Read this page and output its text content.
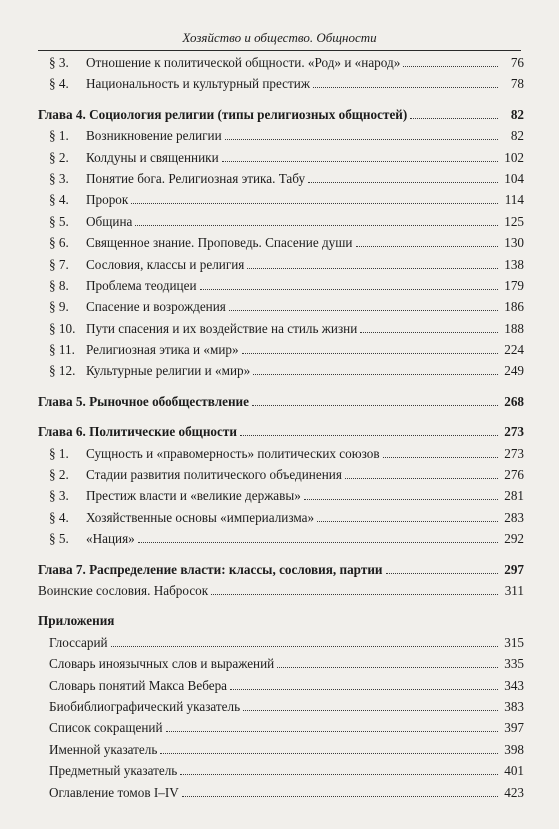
Хозяйство и общество. Общности
§ 3.	Отношение к политической общности. «Род» и «народ»	76
§ 4.	Национальность и культурный престиж	78
Глава 4. Социология религии (типы религиозных общностей)	82
§ 1.	Возникновение религии	82
§ 2.	Колдуны и священники	102
§ 3.	Понятие бога. Религиозная этика. Табу	104
§ 4.	Пророк	114
§ 5.	Община	125
§ 6.	Священное знание. Проповедь. Спасение души	130
§ 7.	Сословия, классы и религия	138
§ 8.	Проблема теодицеи	179
§ 9.	Спасение и возрождения	186
§ 10. Пути спасения и их воздействие на стиль жизни	188
§ 11. Религиозная этика и «мир»	224
§ 12. Культурные религии и «мир»	249
Глава 5. Рыночное обобществление	268
Глава 6. Политические общности	273
§ 1.	Сущность и «правомерность» политических союзов	273
§ 2.	Стадии развития политического объединения	276
§ 3.	Престиж власти и «великие державы»	281
§ 4.	Хозяйственные основы «империализма»	283
§ 5.	«Нация»	292
Глава 7. Распределение власти: классы, сословия, партии	297
Воинские сословия. Набросок	311
Приложения
Глоссарий	315
Словарь иноязычных слов и выражений	335
Словарь понятий Макса Вебера	343
Биобиблиографический указатель	383
Список сокращений	397
Именной указатель	398
Предметный указатель	401
Оглавление томов I–IV	423
